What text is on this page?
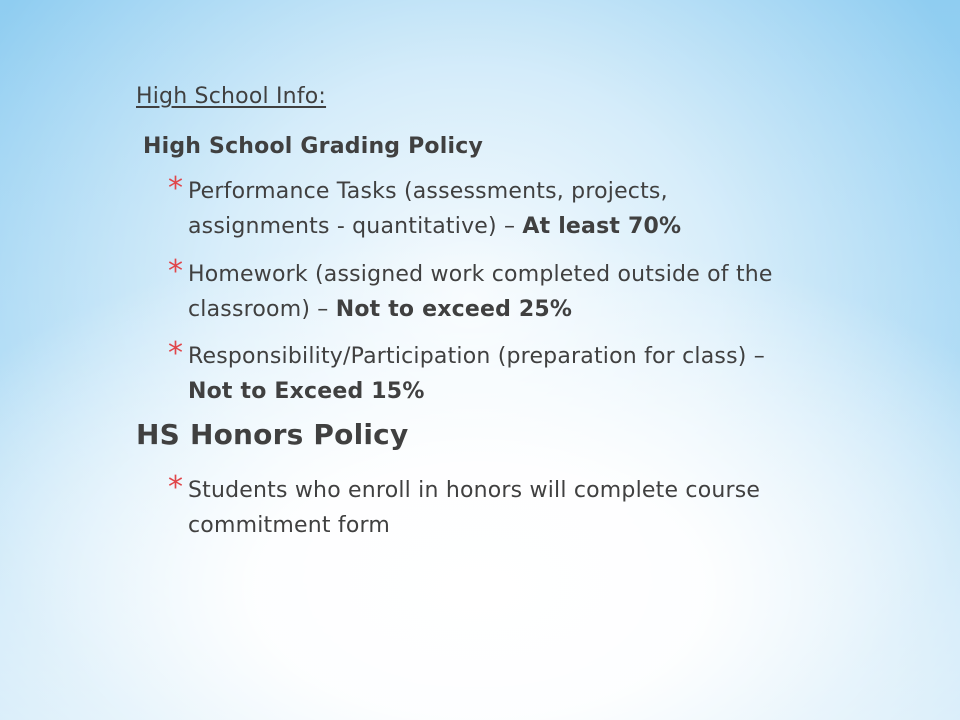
High School Info:
High School Grading Policy
* Performance Tasks (assessments, projects, assignments - quantitative) – At least 70%
* Homework (assigned work completed outside of the classroom) – Not to exceed 25%
* Responsibility/Participation (preparation for class) – Not to Exceed 15%
HS Honors Policy
* Students who enroll in honors will complete course commitment form
